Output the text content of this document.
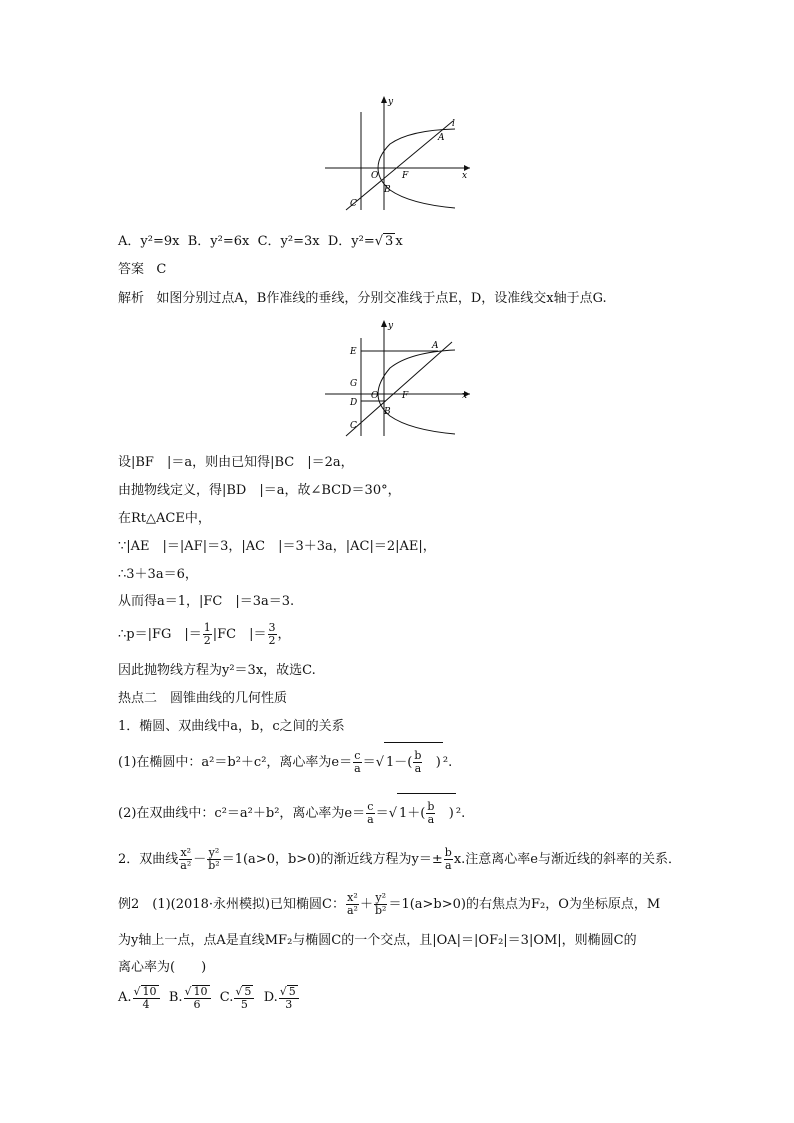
y
l
A
O	F	x
B
C
A．y²=9x B．y²=6x C．y²=3x D．y²=√ 3 x
答案 C
解析 如图分别过点A，B作准线的垂线，分别交准线于点E，D，设准线交x轴于点G.
y
E
A
G
D
O	F	x
B
C
设|BF　|＝a，则由已知得|BC　|＝2a，
由抛物线定义，得|BD　|＝a，故∠BCD＝30°，
在Rt△ACE中，
∵|AE　|＝|AF|＝3，|AC　|＝3＋3a，|AC|＝2|AE|，
∴3＋3a＝6，
从而得a＝1，|FC　|＝3a＝3.
∴p＝|FG　|＝ $\frac{1}{2} |FC$　|＝ $\frac{3}{2}$ ，
因此抛物线方程为y²＝3x，故选C.
热点二　圆锥曲线的几何性质
1．椭圆、双曲线中a，b，c之间的关系
(1)在椭圆中：a²＝b²＋c²，离心率为$e= \frac{c}{a}$ ＝√ $1-( \frac{b}{a}$ ) ².
(2)在双曲线中：c²＝a²＋b²，离心率为$e= \frac{c}{a}$ ＝√ $1+( \frac{b}{a}$ ) ².
2．双曲线 $\frac{\text{x²}}{\text{a²}} - \frac{\text{y²}}{\text{b²}} =1(a>0$，b>0)的渐近线方程为$y=\pm \frac{b}{a} x$.注意离心率e与渐近线的斜率的关系．
例2　(1)(2018·永州模拟)已知椭圆C： $\frac{\text{x²}}{\text{a²}} + \frac{\text{y²}}{\text{b²}} =1(a>b>0)$的右焦点为F₂，O为坐标原点，M
为y轴上一点，点A是直线MF₂与椭圆C的一个交点，且|OA|＝|OF₂|＝3|OM|，则椭圆C的
离心率为(　　)
A. $\frac{√ 10}{4} B$. $\frac{√ 10}{6} C$. $\frac{√ 5}{5} D$. $\frac{√ 5}{3}$
